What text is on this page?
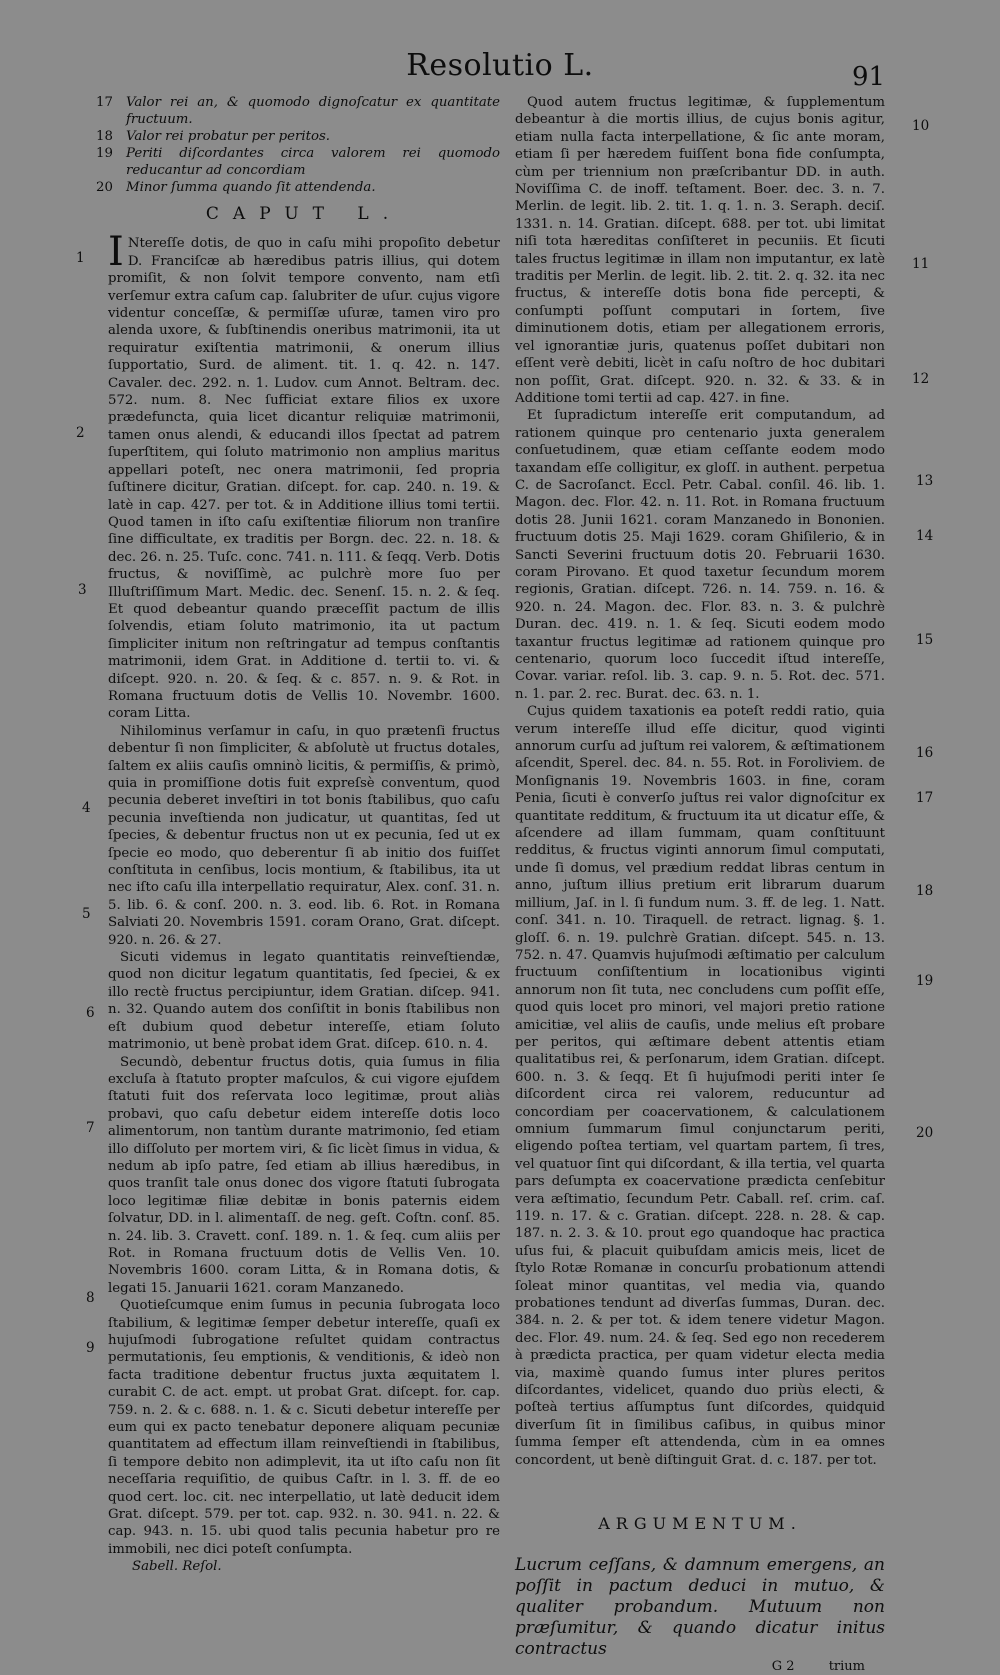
Resolutio L.	91
17 Valor rei an, & quomodo dignoſcatur ex quantitate fructuum.
18 Valor rei probatur per peritos.
19 Periti diſcordantes circa valorem rei quomodo reducantur ad concordiam
20 Minor ſumma quando ſit attendenda.
CAPUT L.

I Ntereſſe dotis, de quo in caſu mihi propoſito debetur D. Franciſcæ ab hæredibus patris illius, qui dotem promiſit, & non ſolvit tempore convento, nam etſi verſemur extra caſum cap. ſalubriter de uſur. cujus vigore videntur conceſſæ, & permiſſæ uſuræ, tamen viro pro alenda uxore, & ſubſtinendis oneribus matrimonii, ita ut requiratur exiſtentia matrimonii, & onerum illius ſupportatio, Surd. de aliment. tit. 1. q. 42. n. 147. Cavaler. dec. 292. n. 1. Ludov. cum Annot. Beltram. dec. 572. num. 8. Nec ſufficiat extare filios ex uxore prædefuncta, quia licet dicantur reliquiæ matrimonii, tamen onus alendi, & educandi illos ſpectat ad patrem ſuperſtitem, qui ſoluto matrimonio non amplius maritus appellari poteſt, nec onera matrimonii, ſed propria ſuſtinere dicitur, Gratian. diſcept. for. cap. 240. n. 19. & latè in cap. 427. per tot. & in Additione illius tomi tertii. Quod tamen in iſto caſu exiſtentiæ filiorum non tranſire ſine difficultate, ex traditis per Borgn. dec. 22. n. 18. & dec. 26. n. 25. Tuſc. conc. 741. n. 111. & ſeqq. Verb. Dotis fructus, & noviſſimè, ac pulchrè more ſuo per Illuſtriſſimum Mart. Medic. dec. Senenſ. 15. n. 2. & ſeq. Et quod debeantur quando præceſſit pactum de illis ſolvendis, etiam ſoluto matrimonio, ita ut pactum ſimpliciter initum non reſtringatur ad tempus conſtantis matrimonii, idem Grat. in Additione d. tertii to. vi. & diſcept. 920. n. 20. & ſeq. & c. 857. n. 9. & Rot. in Romana fructuum dotis de Vellis 10. Novembr. 1600. coram Litta.

Nihilominus verſamur in caſu, in quo prætenſi fructus debentur ſi non ſimpliciter, & abſolutè ut fructus dotales, ſaltem ex aliis cauſis omninò licitis, & permiſſis, & primò, quia in promiſſione dotis fuit expreſsè conventum, quod pecunia deberet inveſtiri in tot bonis ſtabilibus, quo caſu pecunia inveſtienda non judicatur, ut quantitas, ſed ut ſpecies, & debentur fructus non ut ex pecunia, ſed ut ex ſpecie eo modo, quo deberentur ſi ab initio dos fuiſſet conſtituta in cenſibus, locis montium, & ſtabilibus, ita ut nec iſto caſu illa interpellatio requiratur, Alex. conſ. 31. n. 5. lib. 6. & conſ. 200. n. 3. eod. lib. 6. Rot. in Romana Salviati 20. Novembris 1591. coram Orano, Grat. diſcept. 920. n. 26. & 27.

Sicuti videmus in legato quantitatis reinveſtiendæ, quod non dicitur legatum quantitatis, ſed ſpeciei, & ex illo rectè fructus percipiuntur, idem Gratian. diſcep. 941. n. 32. Quando autem dos conſiſtit in bonis ſtabilibus non eſt dubium quod debetur intereſſe, etiam ſoluto matrimonio, ut benè probat idem Grat. diſcep. 610. n. 4.

Secundò, debentur fructus dotis, quia ſumus in filia excluſa à ſtatuto propter maſculos, & cui vigore ejuſdem ſtatuti fuit dos reſervata loco legitimæ, prout aliàs probavi, quo caſu debetur eidem intereſſe dotis loco alimentorum, non tantùm durante matrimonio, ſed etiam illo diſſoluto per mortem viri, & ſic licèt ſimus in vidua, & nedum ab ipſo patre, ſed etiam ab illius hæredibus, in quos tranſit tale onus donec dos vigore ſtatuti ſubrogata loco legitimæ filiæ debitæ in bonis paternis eidem ſolvatur, DD. in l. alimentaſſ. de neg. geſt. Coſtn. conſ. 85. n. 24. lib. 3. Cravett. conſ. 189. n. 1. & ſeq. cum aliis per Rot. in Romana fructuum dotis de Vellis Ven. 10. Novembris 1600. coram Litta, & in Romana dotis, & legati 15. Januarii 1621. coram Manzanedo.

Quotieſcumque enim ſumus in pecunia ſubrogata loco ſtabilium, & legitimæ ſemper debetur intereſſe, quaſi ex hujuſmodi ſubrogatione reſultet quidam contractus permutationis, ſeu emptionis, & venditionis, & ideò non facta traditione debentur fructus juxta æquitatem l. curabit C. de act. empt. ut probat Grat. diſcept. for. cap. 759. n. 2. & c. 688. n. 1. & c. Sicuti debetur intereſſe per eum qui ex pacto tenebatur deponere aliquam pecuniæ quantitatem ad effectum illam reinveſtiendi in ſtabilibus, ſi tempore debito non adimplevit, ita ut iſto caſu non ſit neceſſaria requiſitio, de quibus Caſtr. in l. 3. ff. de eo quod cert. loc. cit. nec interpellatio, ut latè deducit idem Grat. diſcept. 579. per tot. cap. 932. n. 30. 941. n. 22. & cap. 943. n. 15. ubi quod talis pecunia habetur pro re immobili, nec dici poteſt conſumpta.

Sabell. Reſol.

Quod autem fructus legitimæ, & ſupplementum debeantur à die mortis illius, de cujus bonis agitur, etiam nulla facta interpellatione, & ſic ante moram, etiam ſi per hæredem fuiſſent bona fide conſumpta, cùm per triennium non præſcribantur DD. in auth. Noviſſima C. de inoff. teſtament. Boer. dec. 3. n. 7. Merlin. de legit. lib. 2. tit. 1. q. 1. n. 3. Seraph. deciſ. 1331. n. 14. Gratian. diſcept. 688. per tot. ubi limitat niſi tota hæreditas conſiſteret in pecuniis. Et ſicuti tales fructus legitimæ in illam non imputantur, ex latè traditis per Merlin. de legit. lib. 2. tit. 2. q. 32. ita nec fructus, & intereſſe dotis bona fide percepti, & conſumpti poſſunt computari in ſortem, ſive diminutionem dotis, etiam per allegationem erroris, vel ignorantiæ juris, quatenus poſſet dubitari non eſſent verè debiti, licèt in caſu noſtro de hoc dubitari non poſſit, Grat. diſcept. 920. n. 32. & 33. & in Additione tomi tertii ad cap. 427. in fine.

Et ſupradictum intereſſe erit computandum, ad rationem quinque pro centenario juxta generalem conſuetudinem, quæ etiam ceſſante eodem modo taxandam eſſe colligitur, ex gloſſ. in authent. perpetua C. de Sacroſanct. Eccl. Petr. Cabal. conſil. 46. lib. 1. Magon. dec. Flor. 42. n. 11. Rot. in Romana fructuum dotis 28. Junii 1621. coram Manzanedo in Bononien. fructuum dotis 25. Maji 1629. coram Ghiſilerio, & in Sancti Severini fructuum dotis 20. Februarii 1630. coram Pirovano. Et quod taxetur ſecundum morem regionis, Gratian. diſcept. 726. n. 14. 759. n. 16. & 920. n. 24. Magon. dec. Flor. 83. n. 3. & pulchrè Duran. dec. 419. n. 1. & ſeq. Sicuti eodem modo taxantur fructus legitimæ ad rationem quinque pro centenario, quorum loco ſuccedit iſtud intereſſe, Covar. variar. reſol. lib. 3. cap. 9. n. 5. Rot. dec. 571. n. 1. par. 2. rec. Burat. dec. 63. n. 1.

Cujus quidem taxationis ea poteſt reddi ratio, quia verum intereſſe illud eſſe dicitur, quod viginti annorum curſu ad juſtum rei valorem, & æſtimationem aſcendit, Sperel. dec. 84. n. 55. Rot. in Foroliviem. de Monſignanis 19. Novembris 1603. in fine, coram Penia, ſicuti è converſo juſtus rei valor dignoſcitur ex quantitate redditum, & fructuum ita ut dicatur eſſe, & aſcendere ad illam ſummam, quam conſtituunt redditus, & fructus viginti annorum ſimul computati, unde ſi domus, vel prædium reddat libras centum in anno, juſtum illius pretium erit librarum duarum millium, Jaſ. in l. ſi fundum num. 3. ff. de leg. 1. Natt. conſ. 341. n. 10. Tiraquell. de retract. lignag. §. 1. gloſſ. 6. n. 19. pulchrè Gratian. diſcept. 545. n. 13. 752. n. 47. Quamvis hujuſmodi æſtimatio per calculum fructuum conſiſtentium in locationibus viginti annorum non ſit tuta, nec concludens cum poſſit eſſe, quod quis locet pro minori, vel majori pretio ratione amicitiæ, vel aliis de cauſis, unde melius eſt probare per peritos, qui æſtimare debent attentis etiam qualitatibus rei, & perſonarum, idem Gratian. diſcept. 600. n. 3. & ſeqq. Et ſi hujuſmodi periti inter ſe diſcordent circa rei valorem, reducuntur ad concordiam per coacervationem, & calculationem omnium ſummarum ſimul conjunctarum periti, eligendo poſtea tertiam, vel quartam partem, ſi tres, vel quatuor ſint qui diſcordant, & illa tertia, vel quarta pars deſumpta ex coacervatione prædicta cenſebitur vera æſtimatio, ſecundum Petr. Caball. reſ. crim. caſ. 119. n. 17. & c. Gratian. diſcept. 228. n. 28. & cap. 187. n. 2. 3. & 10. prout ego quandoque hac practica uſus fui, & placuit quibuſdam amicis meis, licet de ſtylo Rotæ Romanæ in concurſu probationum attendi ſoleat minor quantitas, vel media via, quando probationes tendunt ad diverſas ſummas, Duran. dec. 384. n. 2. & per tot. & idem tenere videtur Magon. dec. Flor. 49. num. 24. & ſeq. Sed ego non recederem à prædicta practica, per quam videtur electa media via, maximè quando ſumus inter plures peritos diſcordantes, videlicet, quando duo priùs electi, & poſteà tertius aſſumptus ſunt diſcordes, quidquid diverſum ſit in ſimilibus caſibus, in quibus minor ſumma ſemper eſt attendenda, cùm in ea omnes concordent, ut benè diſtinguit Grat. d. c. 187. per tot.

ARGUMENTUM.
Lucrum ceſſans, & damnum emergens, an poſſit in pactum deduci in mutuo, & qualiter probandum. Mutuum non præſumitur, & quando dicatur initus contractus
G 2	trium
1
2
3
4
5
6
7
8
9
10
11
12
13
14
15
16
17
18
19
20
